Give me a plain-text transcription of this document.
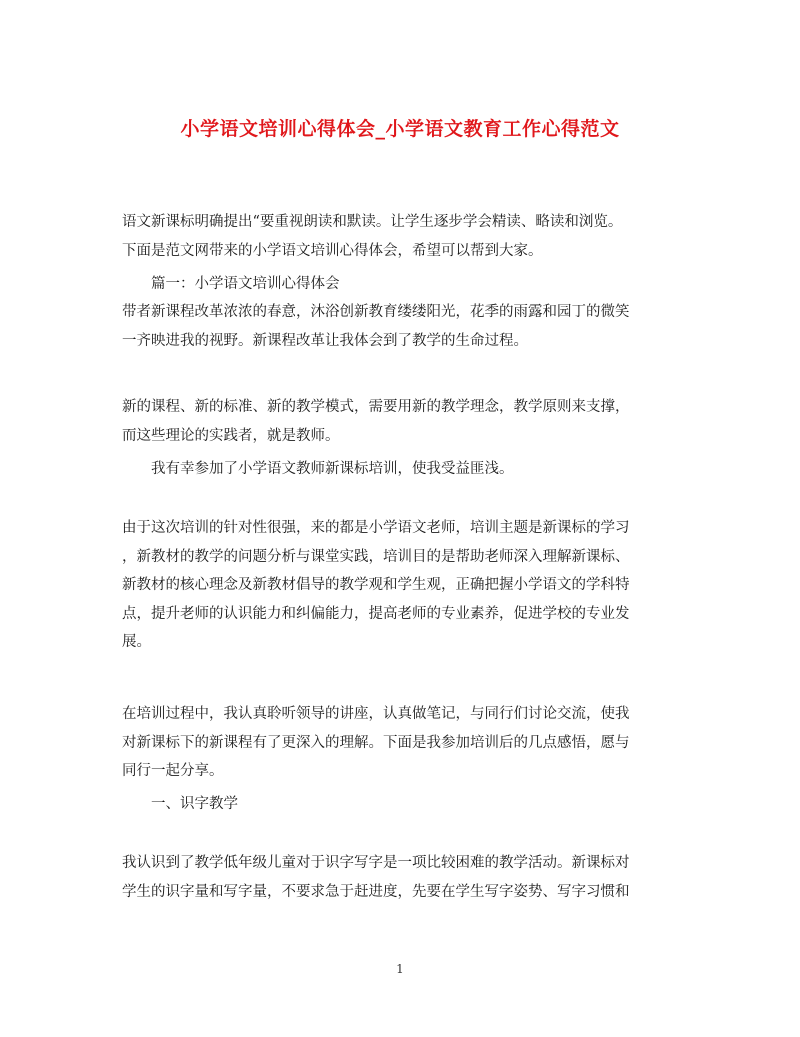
小学语文培训心得体会_小学语文教育工作心得范文
语文新课标明确提出“要重视朗读和默读。让学生逐步学会精读、略读和浏览。
下面是范文网带来的小学语文培训心得体会，希望可以帮到大家。
篇一：小学语文培训心得体会
带者新课程改革浓浓的春意，沐浴创新教育缕缕阳光，花季的雨露和园丁的微笑
一齐映进我的视野。新课程改革让我体会到了教学的生命过程。
新的课程、新的标准、新的教学模式，需要用新的教学理念，教学原则来支撑，
而这些理论的实践者，就是教师。
我有幸参加了小学语文教师新课标培训，使我受益匪浅。
由于这次培训的针对性很强，来的都是小学语文老师，培训主题是新课标的学习
，新教材的教学的问题分析与课堂实践，培训目的是帮助老师深入理解新课标、
新教材的核心理念及新教材倡导的教学观和学生观，正确把握小学语文的学科特
点，提升老师的认识能力和纠偏能力，提高老师的专业素养，促进学校的专业发
展。
在培训过程中，我认真聆听领导的讲座，认真做笔记，与同行们讨论交流，使我
对新课标下的新课程有了更深入的理解。下面是我参加培训后的几点感悟，愿与
同行一起分享。
一、识字教学
我认识到了教学低年级儿童对于识字写字是一项比较困难的教学活动。新课标对
学生的识字量和写字量，不要求急于赶进度，先要在学生写字姿势、写字习惯和
1
